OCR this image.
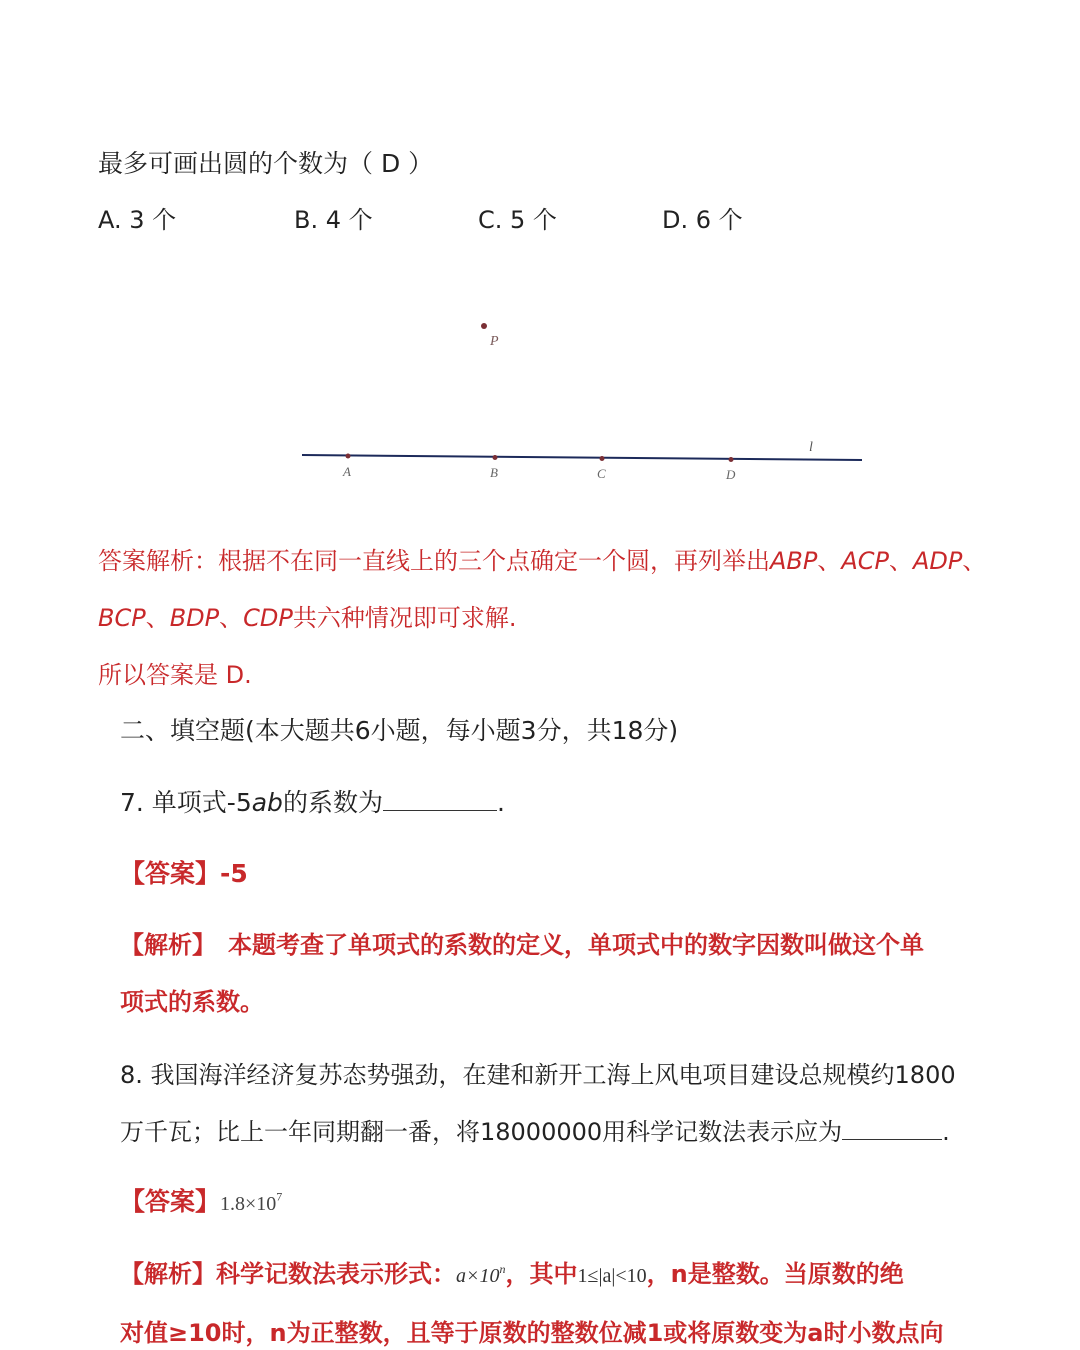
最多可画出圆的个数为（ D ）
A. 3 个	B. 4 个	C. 5 个	D. 6 个
P
l
A	B	C	D
答案解析：根据不在同一直线上的三个点确定一个圆，再列举出ABP、ACP、ADP、
BCP、BDP、CDP共六种情况即可求解.
所以答案是 D.
二、填空题(本大题共6小题，每小题3分，共18分)
7. 单项式-5ab的系数为	.
【答案】-5
【解析】 本题考查了单项式的系数的定义，单项式中的数字因数叫做这个单
项式的系数。
8. 我国海洋经济复苏态势强劲，在建和新开工海上风电项目建设总规模约1800
万千瓦；比上一年同期翻一番，将18000000用科学记数法表示应为	.
【答案】$1.8\times 10^7$
【解析】科学记数法表示形式：$a\times 10^n$，其中1≤|a|<10，n是整数。当原数的绝
对值≥10时，n为正整数，且等于原数的整数位减1或将原数变为a时小数点向
